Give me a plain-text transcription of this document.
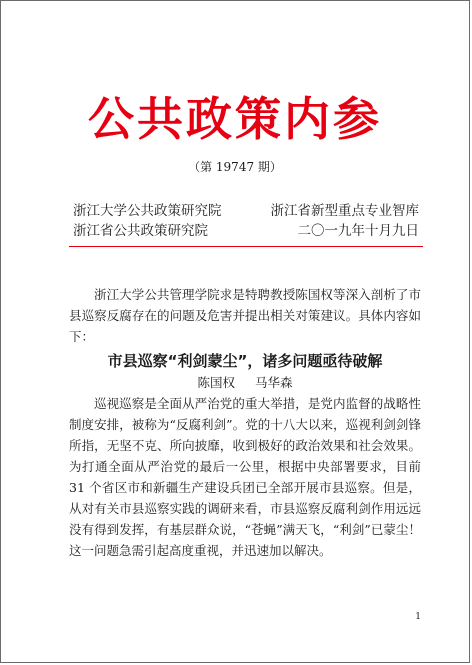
公共政策内参
（第 19747 期）
浙江大学公共政策研究院	浙江省新型重点专业智库
浙江省公共政策研究院	二〇一九年十月九日

浙江大学公共管理学院求是特聘教授陈国权等深入剖析了市县巡察反腐存在的问题及危害并提出相关对策建议。具体内容如下：

市县巡察“利剑蒙尘”，诸多问题亟待破解
陈国权 马华森

巡视巡察是全面从严治党的重大举措，是党内监督的战略性制度安排，被称为“反腐利剑”。党的十八大以来，巡视利剑剑锋所指，无坚不克、所向披靡，收到极好的政治效果和社会效果。为打通全面从严治党的最后一公里，根据中央部署要求，目前 31 个省区市和新疆生产建设兵团已全部开展市县巡察。但是，从对有关市县巡察实践的调研来看，市县巡察反腐利剑作用远远没有得到发挥，有基层群众说，“苍蝇”满天飞，“利剑”已蒙尘！这一问题急需引起高度重视，并迅速加以解决。

1
